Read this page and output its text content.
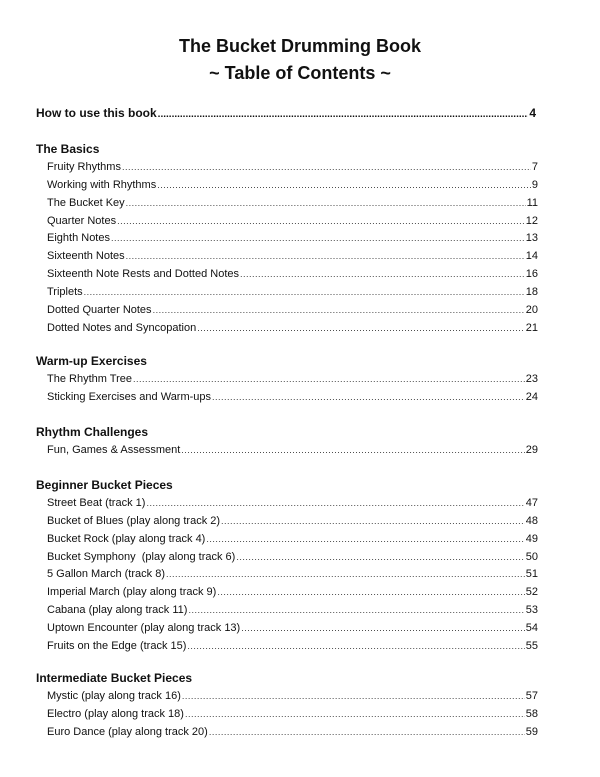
The Bucket Drumming Book
~ Table of Contents ~
How to use this book .....	4
The Basics
Fruity Rhythms .....	7
Working with Rhythms .....	9
The Bucket Key .....	11
Quarter Notes .....	12
Eighth Notes .....	13
Sixteenth Notes .....	14
Sixteenth Note Rests and Dotted Notes .....	16
Triplets .....	18
Dotted Quarter Notes .....	20
Dotted Notes and Syncopation .....	21
Warm-up Exercises
The Rhythm Tree .....	23
Sticking Exercises and Warm-ups .....	24
Rhythm Challenges
Fun, Games & Assessment .....	29
Beginner Bucket Pieces
Street Beat (track 1) .....	47
Bucket of Blues (play along track 2) .....	48
Bucket Rock (play along track 4) .....	49
Bucket Symphony  (play along track 6) .....	50
5 Gallon March (track 8) .....	51
Imperial March (play along track 9) .....	52
Cabana (play along track 11) .....	53
Uptown Encounter (play along track 13) .....	54
Fruits on the Edge (track 15) .....	55
Intermediate Bucket Pieces
Mystic (play along track 16) .....	57
Electro (play along track 18) .....	58
Euro Dance (play along track 20) .....	59
